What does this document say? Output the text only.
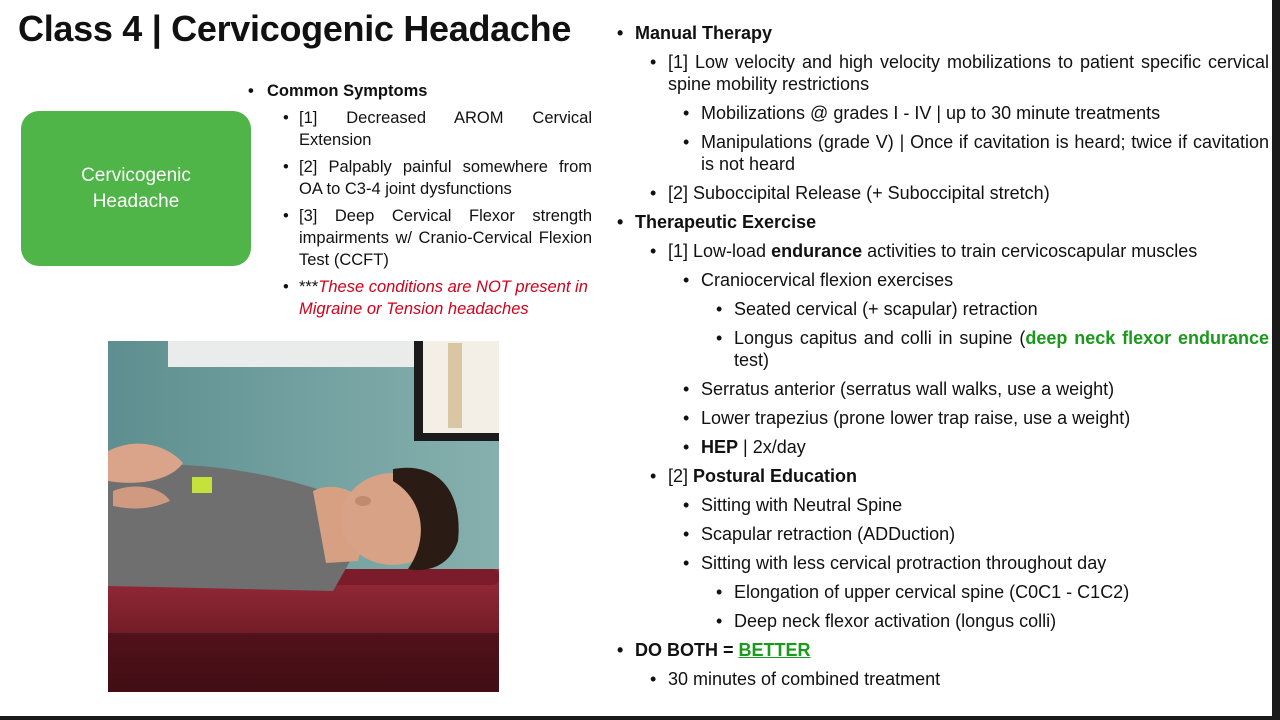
Class 4 | Cervicogenic Headache
Cervicogenic Headache
• Common Symptoms
• [1] Decreased AROM Cervical Extension
• [2] Palpably painful somewhere from OA to C3-4 joint dysfunctions
• [3] Deep Cervical Flexor strength impairments w/ Cranio-Cervical Flexion Test (CCFT)
• ***These conditions are NOT present in Migraine or Tension headaches
• Manual Therapy
• [1] Low velocity and high velocity mobilizations to patient specific cervical spine mobility restrictions
• Mobilizations @ grades I - IV | up to 30 minute treatments
• Manipulations (grade V) | Once if cavitation is heard; twice if cavitation is not heard
• [2] Suboccipital Release (+ Suboccipital stretch)
• Therapeutic Exercise
• [1] Low-load endurance activities to train cervicoscapular muscles
• Craniocervical flexion exercises
• Seated cervical (+ scapular) retraction
• Longus capitus and colli in supine (deep neck flexor endurance test)
• Serratus anterior (serratus wall walks, use a weight)
• Lower trapezius (prone lower trap raise, use a weight)
• HEP | 2x/day
• [2] Postural Education
• Sitting with Neutral Spine
• Scapular retraction (ADDuction)
• Sitting with less cervical protraction throughout day
• Elongation of upper cervical spine (C0C1 - C1C2)
• Deep neck flexor activation (longus colli)
• DO BOTH = BETTER
• 30 minutes of combined treatment
